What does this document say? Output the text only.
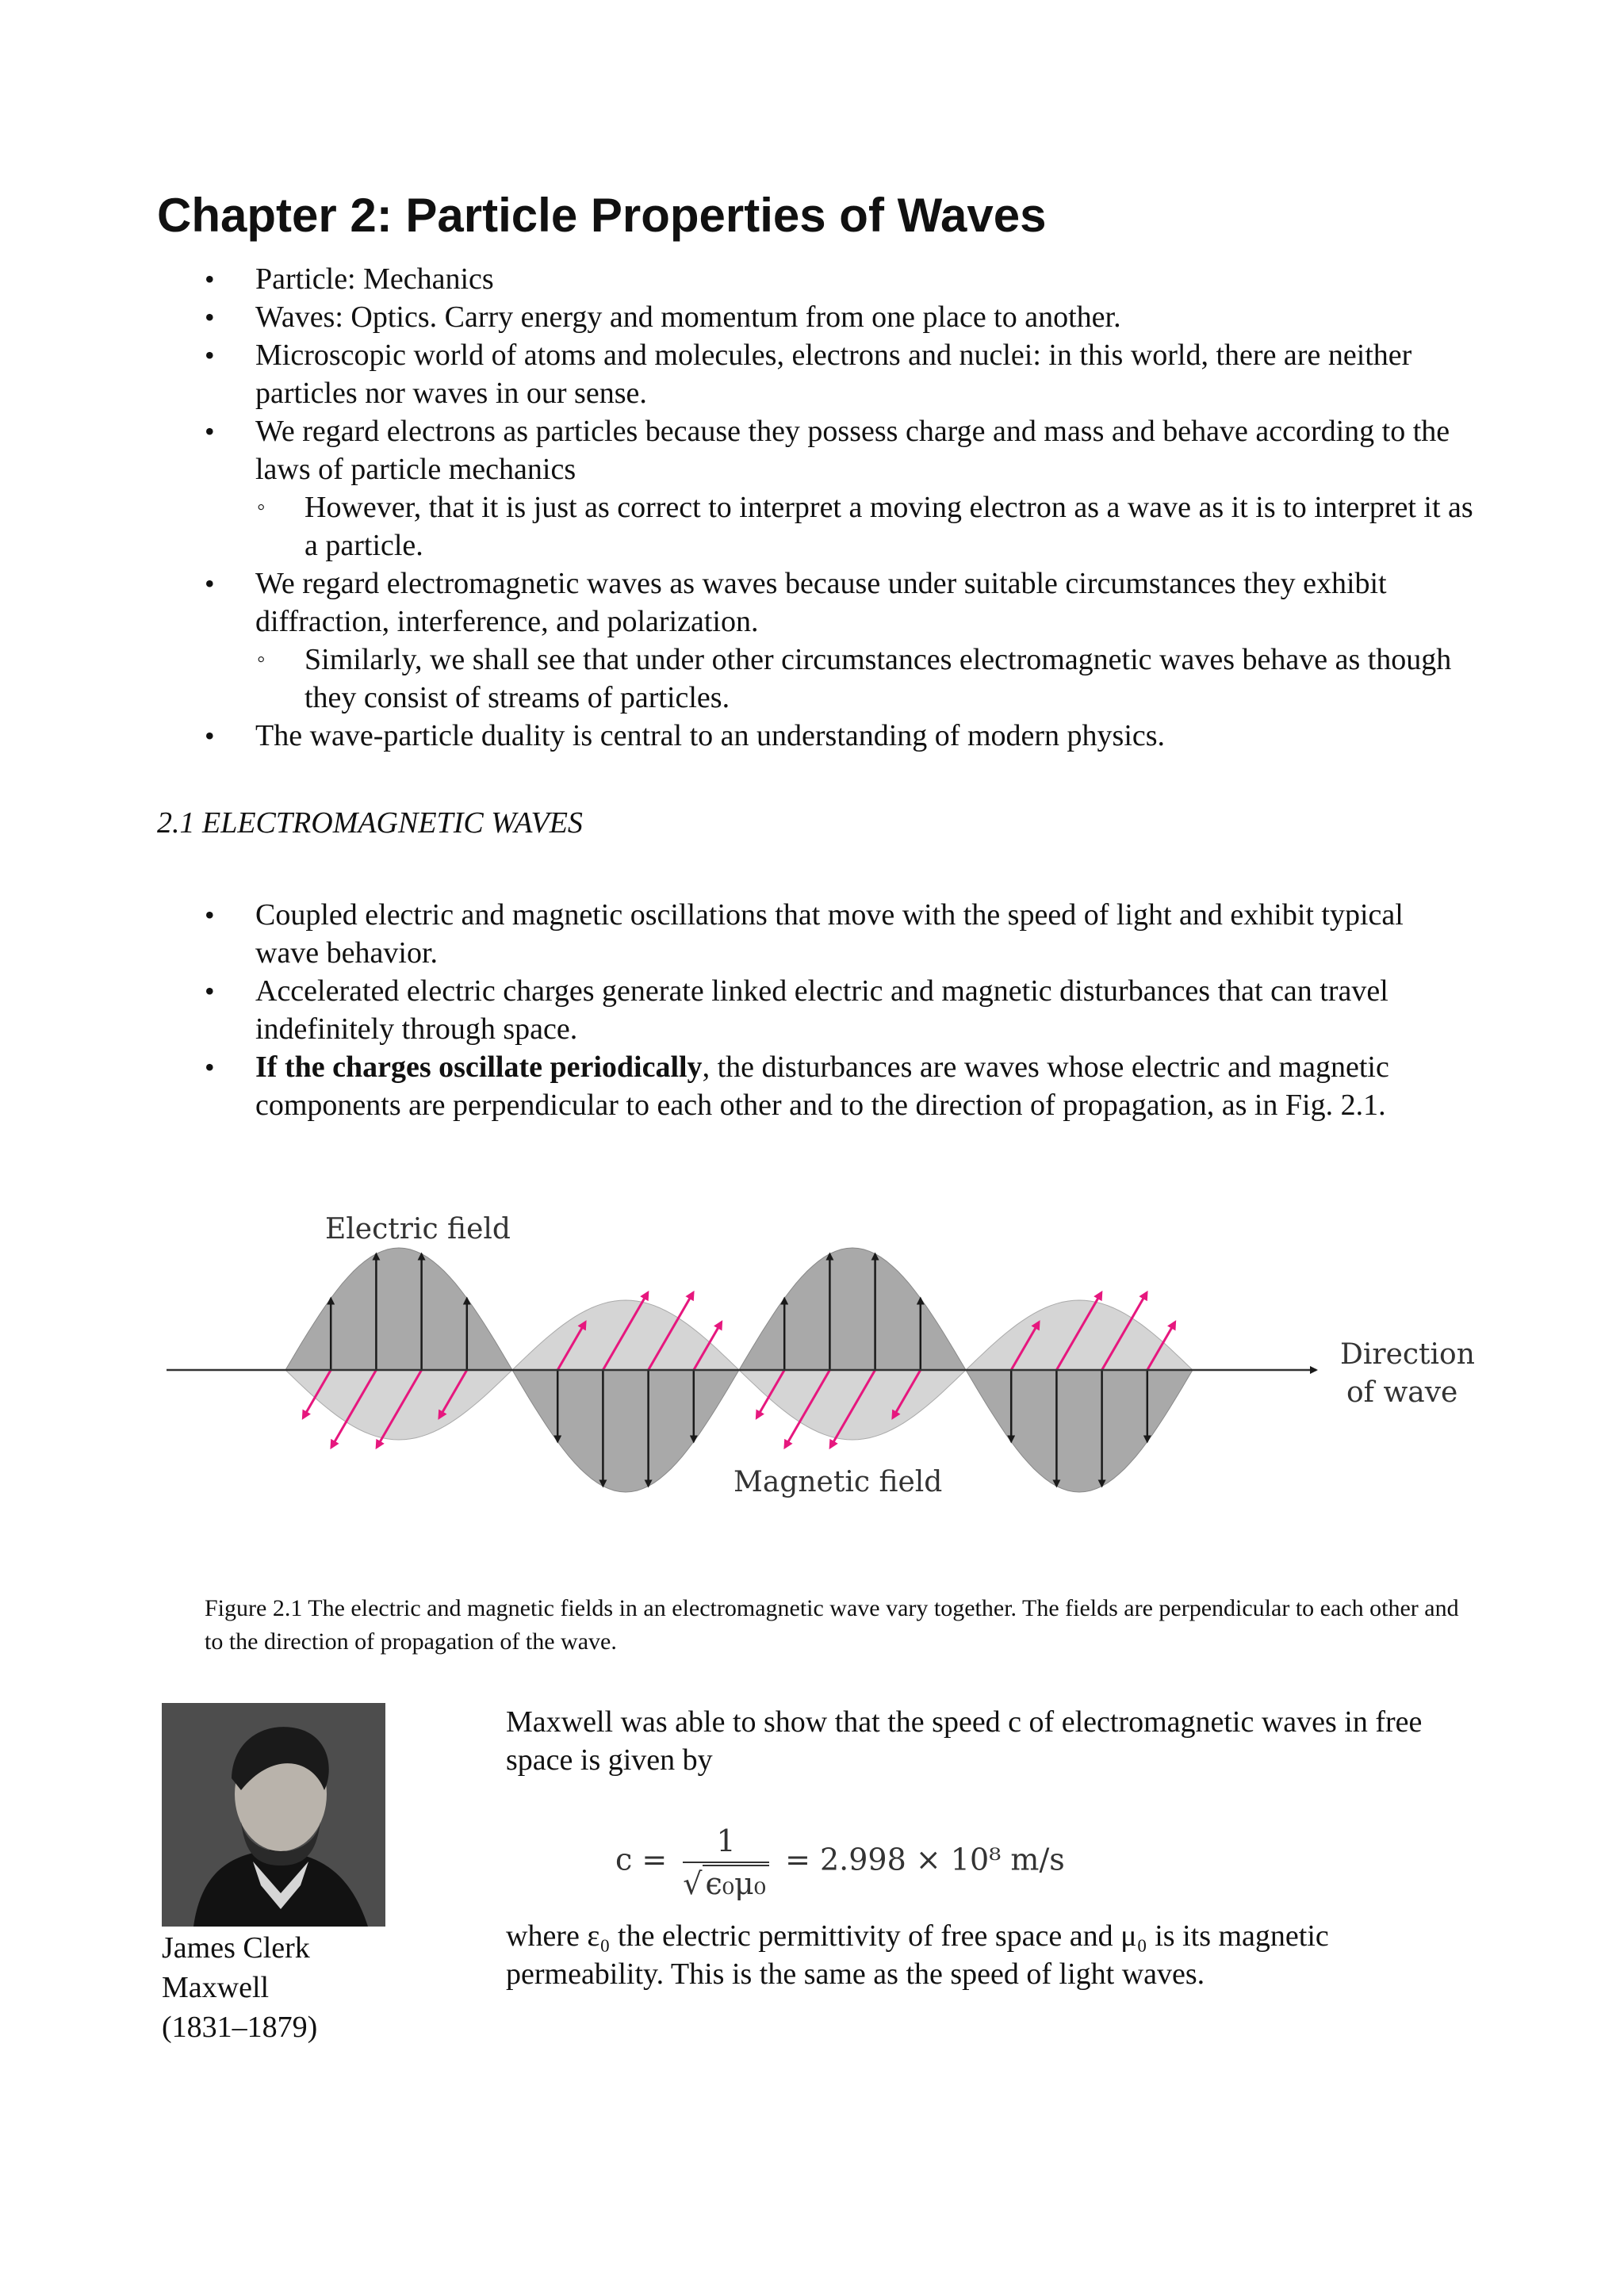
Chapter 2: Particle Properties of Waves
• Particle: Mechanics
• Waves: Optics. Carry energy and momentum from one place to another.
• Microscopic world of atoms and molecules, electrons and nuclei: in this world, there are neither particles nor waves in our sense.
• We regard electrons as particles because they possess charge and mass and behave according to the laws of particle mechanics
◦ However, that it is just as correct to interpret a moving electron as a wave as it is to interpret it as a particle.
• We regard electromagnetic waves as waves because under suitable circumstances they exhibit diffraction, interference, and polarization.
◦ Similarly, we shall see that under other circumstances electromagnetic waves behave as though they consist of streams of particles.
• The wave-particle duality is central to an understanding of modern physics.
2.1 ELECTROMAGNETIC WAVES
• Coupled electric and magnetic oscillations that move with the speed of light and exhibit typical wave behavior.
• Accelerated electric charges generate linked electric and magnetic disturbances that can travel indefinitely through space.
• If the charges oscillate periodically, the disturbances are waves whose electric and magnetic components are perpendicular to each other and to the direction of propagation, as in Fig. 2.1.
Electric field
Magnetic field
Direction
of wave
Figure 2.1 The electric and magnetic fields in an electromagnetic wave vary together. The fields are perpendicular to each other and to the direction of propagation of the wave.
James Clerk
Maxwell
(1831–1879)
Maxwell was able to show that the speed c of electromagnetic waves in free space is given by
$c = \frac{1}{\text{√ ϵ₀μ₀}} = 2.998 \times 10^8$ m/s
where ε₀ the electric permittivity of free space and μ₀ is its magnetic permeability. This is the same as the speed of light waves.
